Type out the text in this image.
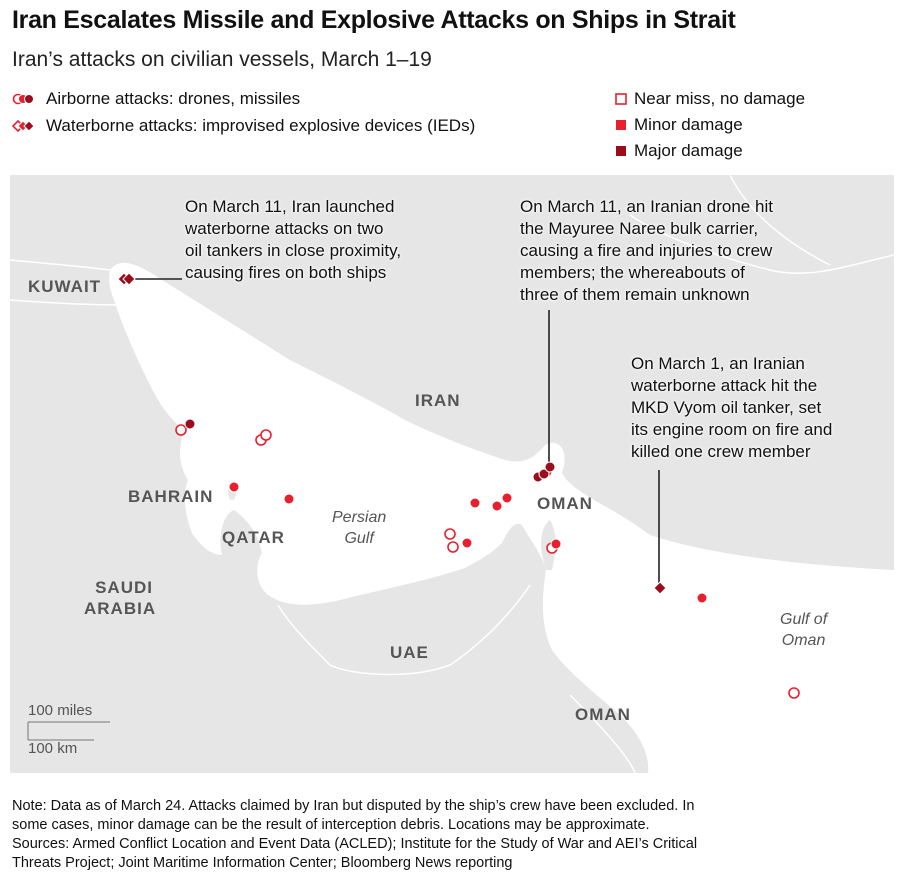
Iran Escalates Missile and Explosive Attacks on Ships in Strait
Iran’s attacks on civilian vessels, March 1–19
Airborne attacks: drones, missiles
Waterborne attacks: improvised explosive devices (IEDs)
Near miss, no damage
Minor damage
Major damage
KUWAIT
IRAN
BAHRAIN
QATAR
SAUDI
ARABIA
UAE
OMAN
OMAN
Persian
Gulf
Gulf of
Oman
100 miles
100 km
On March 11, Iran launched
waterborne attacks on two
oil tankers in close proximity,
causing fires on both ships
On March 11, an Iranian drone hit
the Mayuree Naree bulk carrier,
causing a fire and injuries to crew
members; the whereabouts of
three of them remain unknown
On March 1, an Iranian
waterborne attack hit the
MKD Vyom oil tanker, set
its engine room on fire and
killed one crew member
Note: Data as of March 24. Attacks claimed by Iran but disputed by the ship’s crew have been excluded. In
some cases, minor damage can be the result of interception debris. Locations may be approximate.
Sources: Armed Conflict Location and Event Data (ACLED); Institute for the Study of War and AEI’s Critical
Threats Project; Joint Maritime Information Center; Bloomberg News reporting
